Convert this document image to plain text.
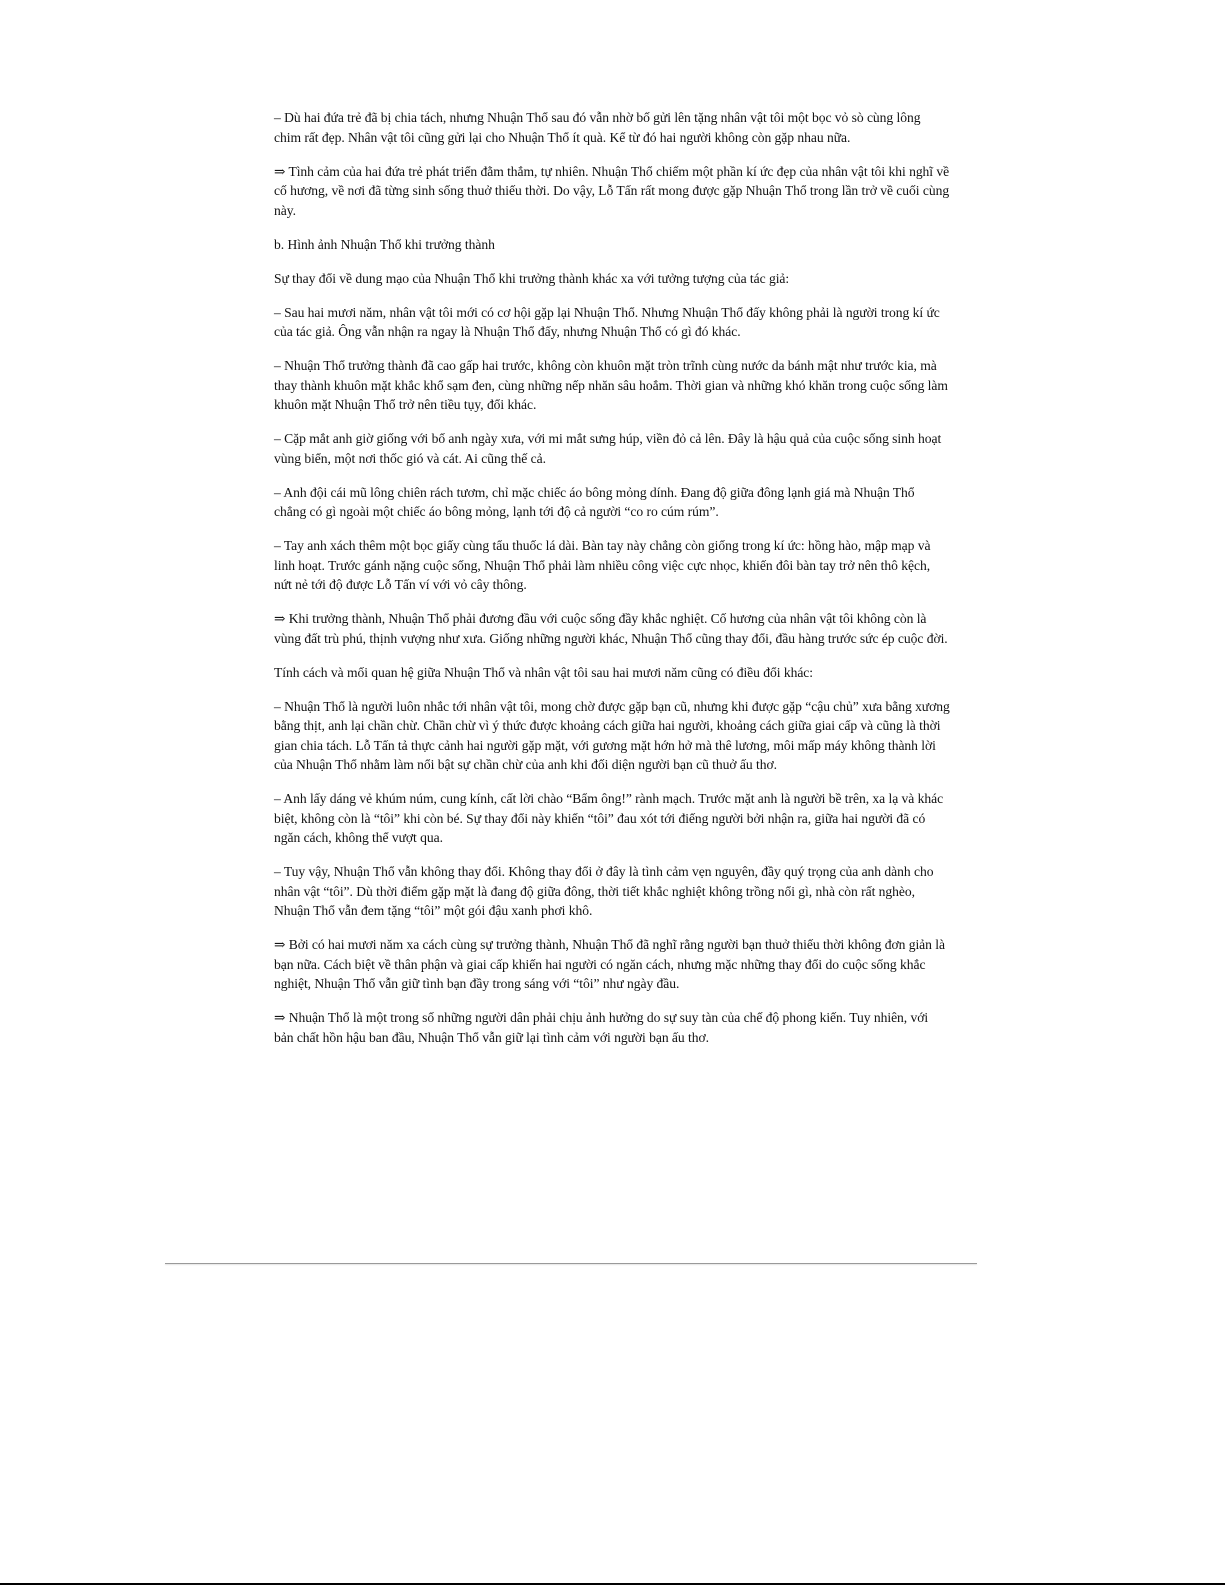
– Dù hai đứa trẻ đã bị chia tách, nhưng Nhuận Thổ sau đó vẫn nhờ bố gửi lên tặng nhân vật tôi một bọc vỏ sò cùng lông chim rất đẹp. Nhân vật tôi cũng gửi lại cho Nhuận Thổ ít quà. Kể từ đó hai người không còn gặp nhau nữa.

⇒ Tình cảm của hai đứa trẻ phát triển đằm thắm, tự nhiên. Nhuận Thổ chiếm một phần kí ức đẹp của nhân vật tôi khi nghĩ về cố hương, về nơi đã từng sinh sống thuở thiếu thời. Do vậy, Lỗ Tấn rất mong được gặp Nhuận Thổ trong lần trở về cuối cùng này.

b. Hình ảnh Nhuận Thổ khi trưởng thành

Sự thay đổi về dung mạo của Nhuận Thổ khi trưởng thành khác xa với tưởng tượng của tác giả:

– Sau hai mươi năm, nhân vật tôi mới có cơ hội gặp lại Nhuận Thổ. Nhưng Nhuận Thổ đấy không phải là người trong kí ức của tác giả. Ông vẫn nhận ra ngay là Nhuận Thổ đấy, nhưng Nhuận Thổ có gì đó khác.

– Nhuận Thổ trưởng thành đã cao gấp hai trước, không còn khuôn mặt tròn trĩnh cùng nước da bánh mật như trước kia, mà thay thành khuôn mặt khắc khổ sạm đen, cùng những nếp nhăn sâu hoắm. Thời gian và những khó khăn trong cuộc sống làm khuôn mặt Nhuận Thổ trở nên tiều tụy, đổi khác.

– Cặp mắt anh giờ giống với bố anh ngày xưa, với mi mắt sưng húp, viền đỏ cả lên. Đây là hậu quả của cuộc sống sinh hoạt vùng biển, một nơi thốc gió và cát. Ai cũng thế cả.

– Anh đội cái mũ lông chiên rách tươm, chỉ mặc chiếc áo bông mỏng dính. Đang độ giữa đông lạnh giá mà Nhuận Thổ chẳng có gì ngoài một chiếc áo bông mỏng, lạnh tới độ cả người “co ro cúm rúm”.

– Tay anh xách thêm một bọc giấy cùng tẩu thuốc lá dài. Bàn tay này chẳng còn giống trong kí ức: hồng hào, mập mạp và linh hoạt. Trước gánh nặng cuộc sống, Nhuận Thổ phải làm nhiều công việc cực nhọc, khiến đôi bàn tay trở nên thô kệch, nứt nẻ tới độ được Lỗ Tấn ví với vỏ cây thông.

⇒ Khi trưởng thành, Nhuận Thổ phải đương đầu với cuộc sống đầy khắc nghiệt. Cố hương của nhân vật tôi không còn là vùng đất trù phú, thịnh vượng như xưa. Giống những người khác, Nhuận Thổ cũng thay đổi, đầu hàng trước sức ép cuộc đời.

Tính cách và mối quan hệ giữa Nhuận Thổ và nhân vật tôi sau hai mươi năm cũng có điều đổi khác:

– Nhuận Thổ là người luôn nhắc tới nhân vật tôi, mong chờ được gặp bạn cũ, nhưng khi được gặp “cậu chủ” xưa bằng xương bằng thịt, anh lại chần chừ. Chần chừ vì ý thức được khoảng cách giữa hai người, khoảng cách giữa giai cấp và cũng là thời gian chia tách. Lỗ Tấn tả thực cảnh hai người gặp mặt, với gương mặt hớn hở mà thê lương, môi mấp máy không thành lời của Nhuận Thổ nhằm làm nổi bật sự chần chừ của anh khi đối diện người bạn cũ thuở ấu thơ.

– Anh lấy dáng vẻ khúm núm, cung kính, cất lời chào “Bẩm ông!” rành mạch. Trước mặt anh là người bề trên, xa lạ và khác biệt, không còn là “tôi” khi còn bé. Sự thay đổi này khiến “tôi” đau xót tới điếng người bởi nhận ra, giữa hai người đã có ngăn cách, không thể vượt qua.

– Tuy vậy, Nhuận Thổ vẫn không thay đổi. Không thay đổi ở đây là tình cảm vẹn nguyên, đầy quý trọng của anh dành cho nhân vật “tôi”. Dù thời điểm gặp mặt là đang độ giữa đông, thời tiết khắc nghiệt không trồng nổi gì, nhà còn rất nghèo, Nhuận Thổ vẫn đem tặng “tôi” một gói đậu xanh phơi khô.

⇒ Bởi có hai mươi năm xa cách cùng sự trưởng thành, Nhuận Thổ đã nghĩ rằng người bạn thuở thiếu thời không đơn giản là bạn nữa. Cách biệt về thân phận và giai cấp khiến hai người có ngăn cách, nhưng mặc những thay đổi do cuộc sống khắc nghiệt, Nhuận Thổ vẫn giữ tình bạn đầy trong sáng với “tôi” như ngày đầu.

⇒ Nhuận Thổ là một trong số những người dân phải chịu ảnh hưởng do sự suy tàn của chế độ phong kiến. Tuy nhiên, với bản chất hồn hậu ban đầu, Nhuận Thổ vẫn giữ lại tình cảm với người bạn ấu thơ.
